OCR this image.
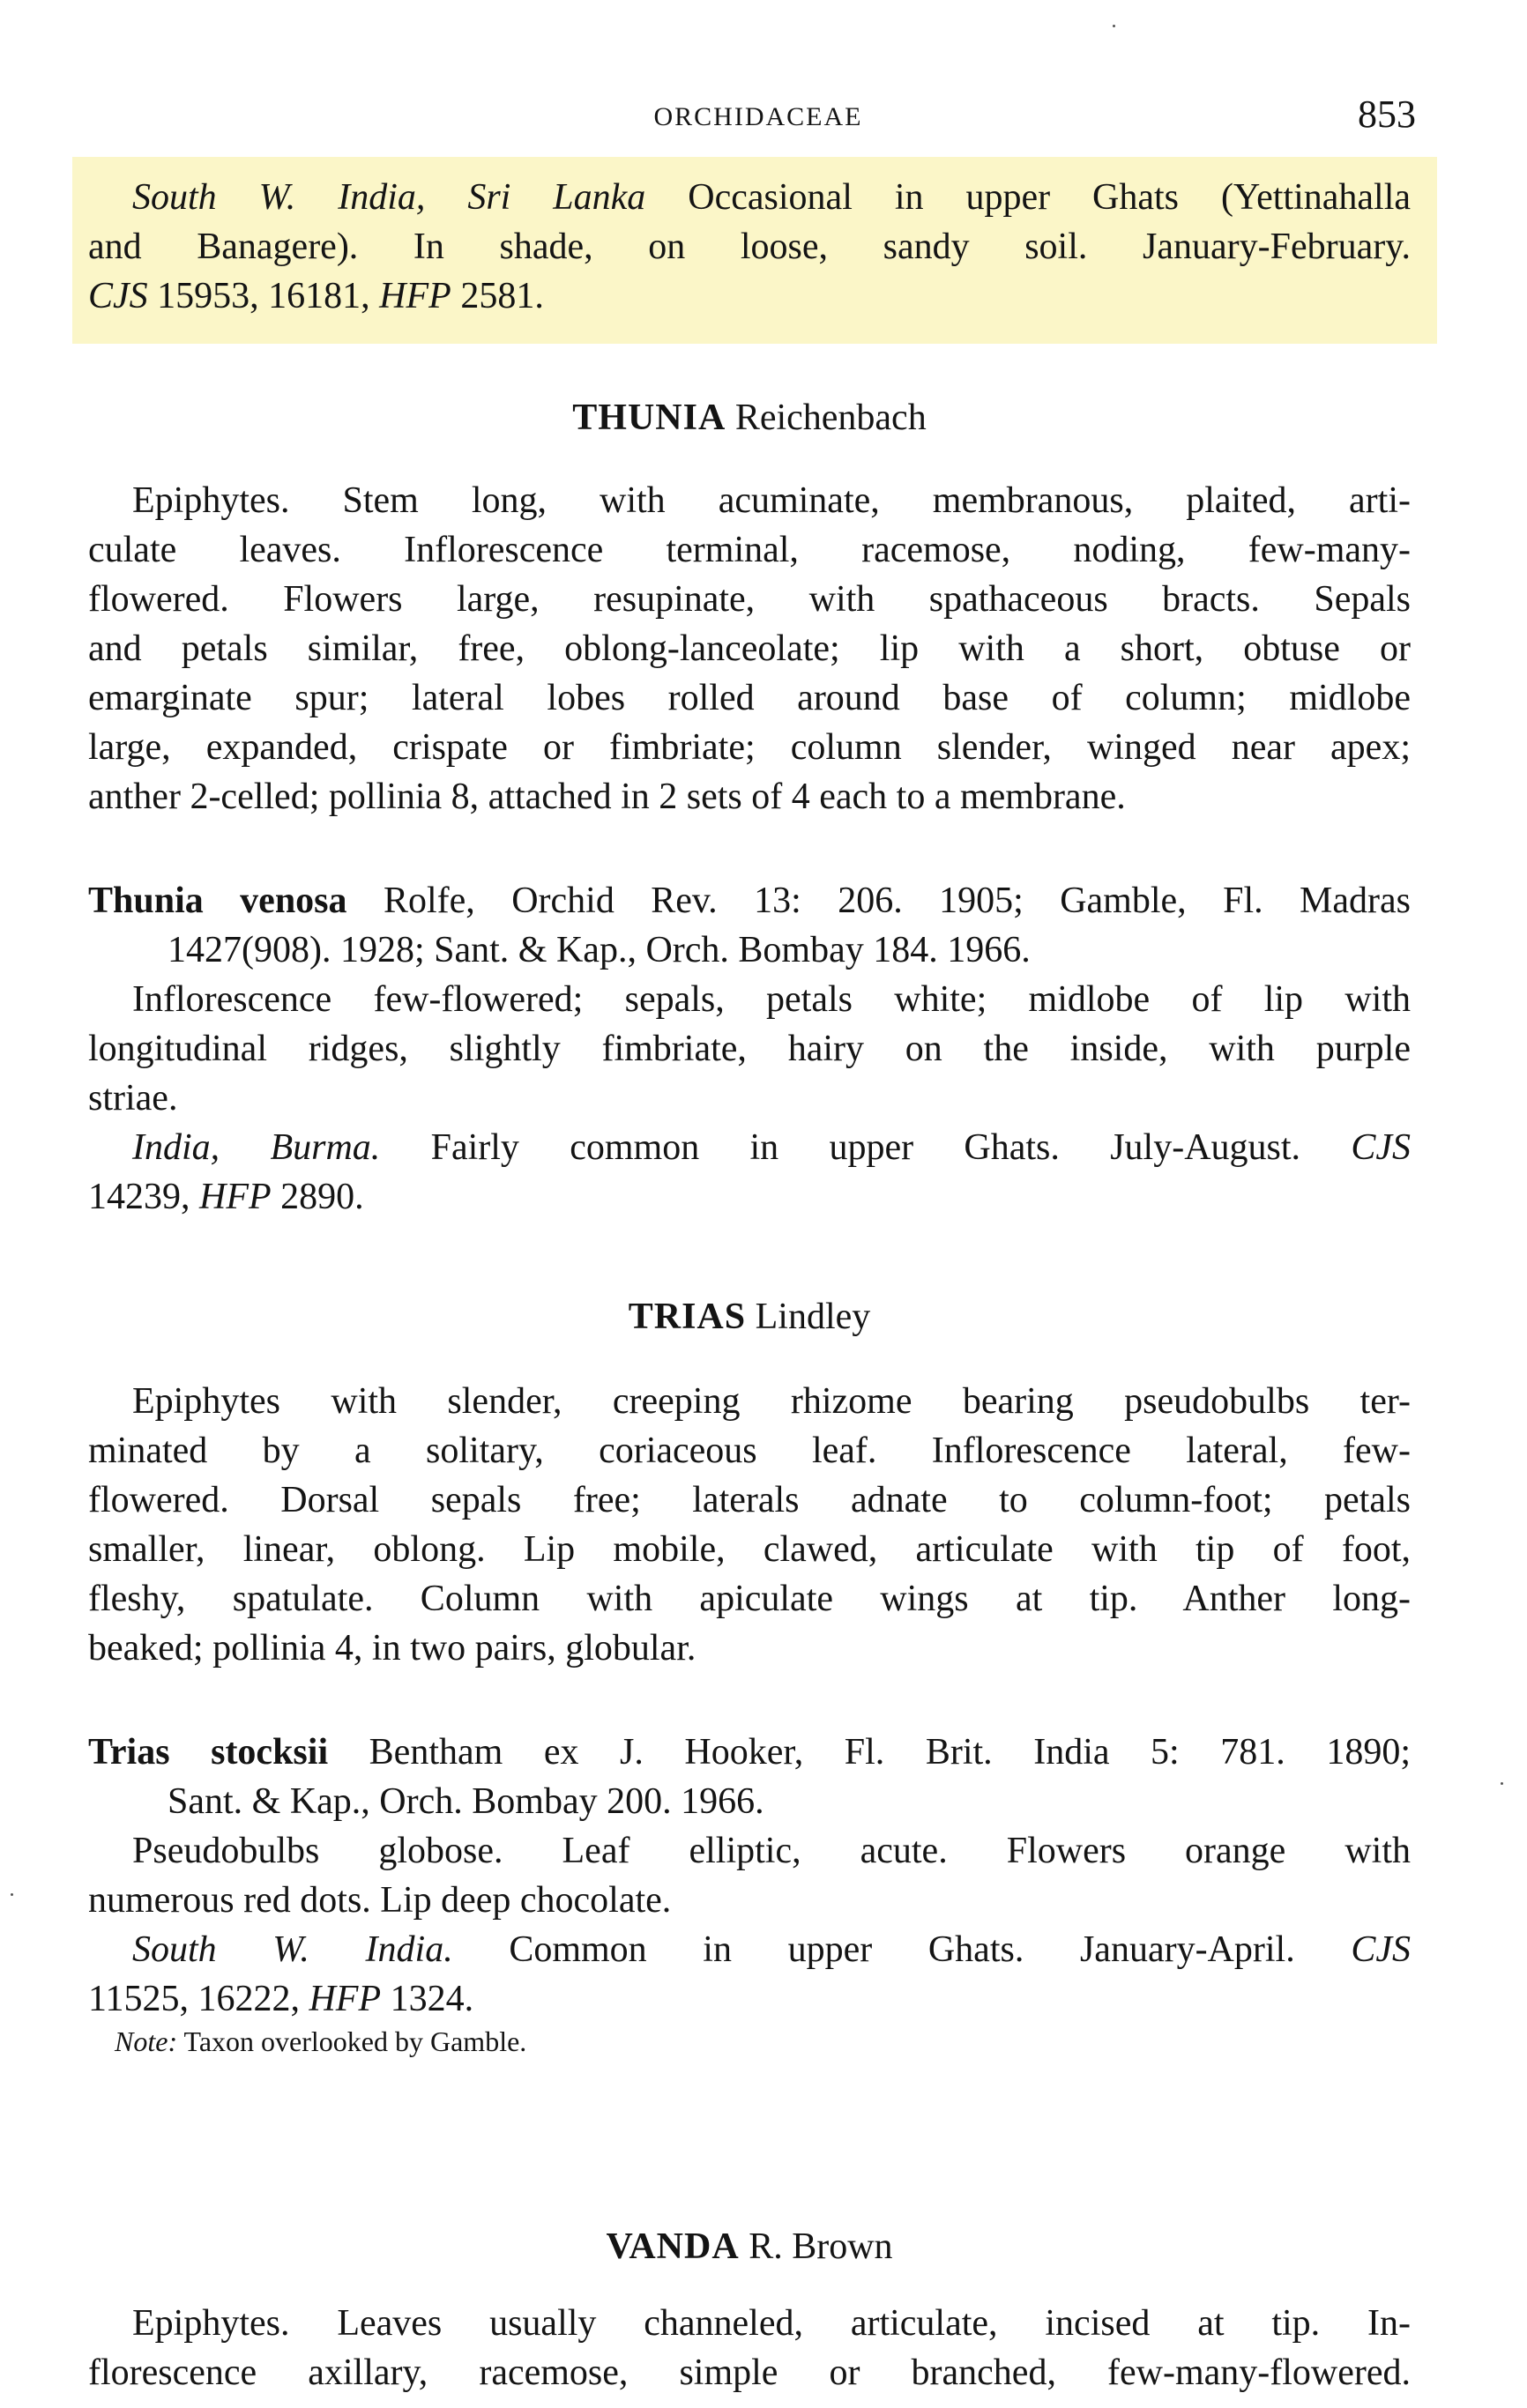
ORCHIDACEAE	853
South W. India, Sri Lanka Occasional in upper Ghats (Yettinahalla
and Banagere). In shade, on loose, sandy soil. January-February.
CJS 15953, 16181, HFP 2581.
THUNIA Reichenbach
Epiphytes. Stem long, with acuminate, membranous, plaited, arti-
culate leaves. Inflorescence terminal, racemose, noding, few-many-
flowered. Flowers large, resupinate, with spathaceous bracts. Sepals
and petals similar, free, oblong-lanceolate; lip with a short, obtuse or
emarginate spur; lateral lobes rolled around base of column; midlobe
large, expanded, crispate or fimbriate; column slender, winged near apex;
anther 2-celled; pollinia 8, attached in 2 sets of 4 each to a membrane.
Thunia venosa Rolfe, Orchid Rev. 13: 206. 1905; Gamble, Fl. Madras
1427(908). 1928; Sant. & Kap., Orch. Bombay 184. 1966.
Inflorescence few-flowered; sepals, petals white; midlobe of lip with
longitudinal ridges, slightly fimbriate, hairy on the inside, with purple
striae.
India, Burma. Fairly common in upper Ghats. July-August. CJS
14239, HFP 2890.
TRIAS Lindley
Epiphytes with slender, creeping rhizome bearing pseudobulbs ter-
minated by a solitary, coriaceous leaf. Inflorescence lateral, few-
flowered. Dorsal sepals free; laterals adnate to column-foot; petals
smaller, linear, oblong. Lip mobile, clawed, articulate with tip of foot,
fleshy, spatulate. Column with apiculate wings at tip. Anther long-
beaked; pollinia 4, in two pairs, globular.
Trias stocksii Bentham ex J. Hooker, Fl. Brit. India 5: 781. 1890;
Sant. & Kap., Orch. Bombay 200. 1966.
Pseudobulbs globose. Leaf elliptic, acute. Flowers orange with
numerous red dots. Lip deep chocolate.
South W. India. Common in upper Ghats. January-April. CJS
11525, 16222, HFP 1324.
Note: Taxon overlooked by Gamble.
VANDA R. Brown
Epiphytes. Leaves usually channeled, articulate, incised at tip. In-
florescence axillary, racemose, simple or branched, few-many-flowered.
